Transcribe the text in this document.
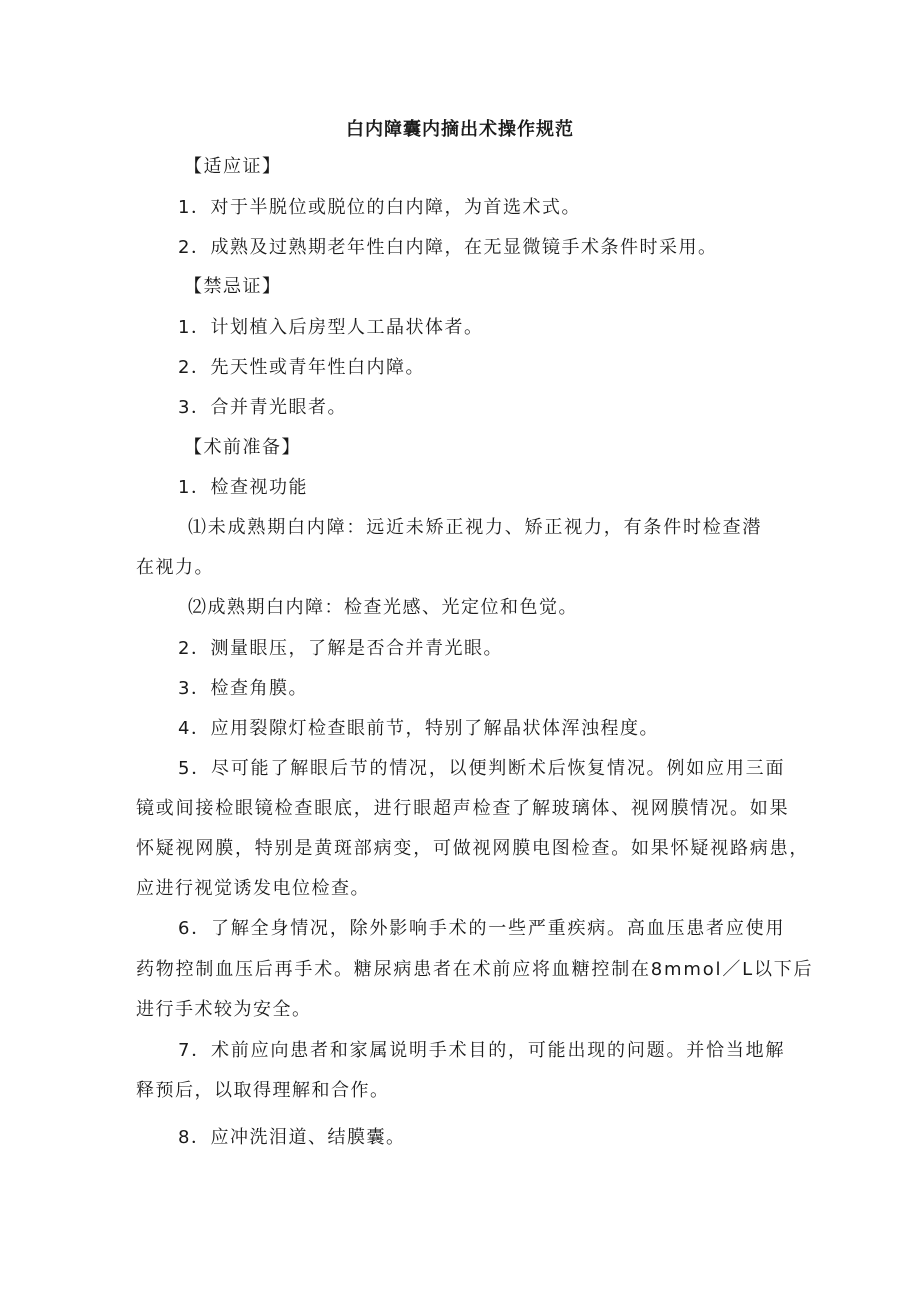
白内障囊内摘出术操作规范
【适应证】
1．对于半脱位或脱位的白内障，为首选术式。
2．成熟及过熟期老年性白内障，在无显微镜手术条件时采用。
【禁忌证】
1．计划植入后房型人工晶状体者。
2．先天性或青年性白内障。
3．合并青光眼者。
【术前准备】
1．检查视功能
⑴未成熟期白内障：远近未矫正视力、矫正视力，有条件时检查潜
在视力。
⑵成熟期白内障：检查光感、光定位和色觉。
2．测量眼压，了解是否合并青光眼。
3．检查角膜。
4．应用裂隙灯检查眼前节，特别了解晶状体浑浊程度。
5．尽可能了解眼后节的情况，以便判断术后恢复情况。例如应用三面
镜或间接检眼镜检查眼底，进行眼超声检查了解玻璃体、视网膜情况。如果
怀疑视网膜，特别是黄斑部病变，可做视网膜电图检查。如果怀疑视路病患，
应进行视觉诱发电位检查。
6．了解全身情况，除外影响手术的一些严重疾病。高血压患者应使用
药物控制血压后再手术。糖尿病患者在术前应将血糖控制在8mmol／L以下后
进行手术较为安全。
7．术前应向患者和家属说明手术目的，可能出现的问题。并恰当地解
释预后，以取得理解和合作。
8．应冲洗泪道、结膜囊。
